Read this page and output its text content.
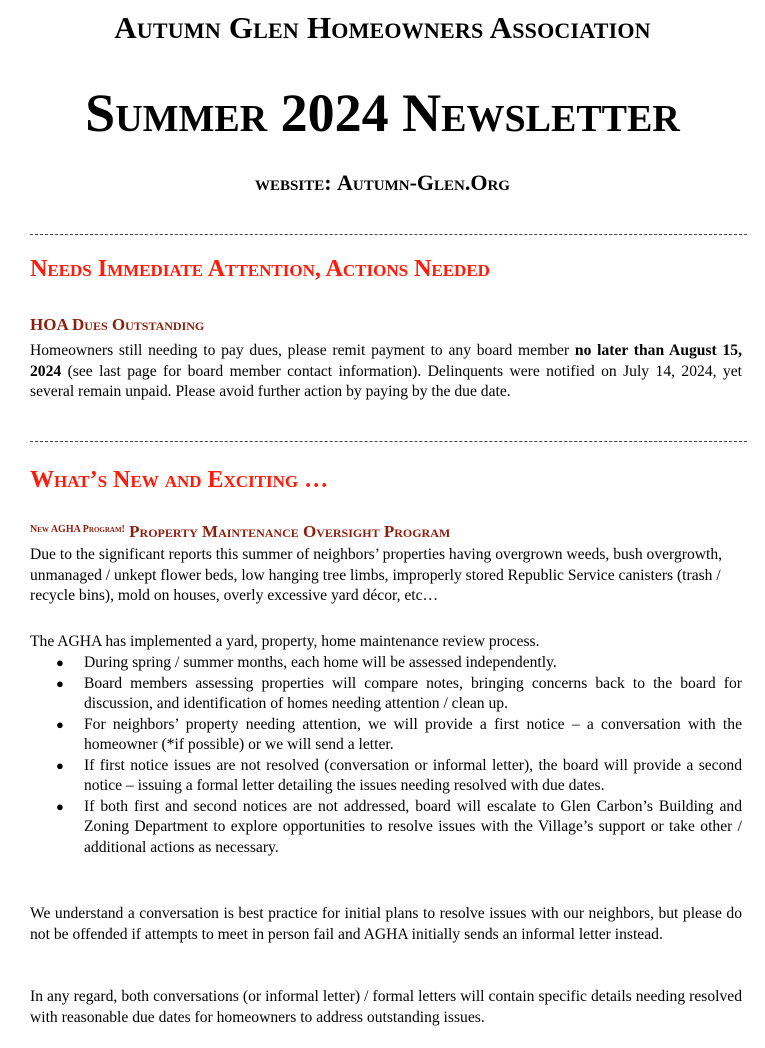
Autumn Glen Homeowners Association
Summer 2024 Newsletter

website: Autumn-Glen.Org

Needs Immediate Attention, Actions Needed
HOA Dues Outstanding

Homeowners still needing to pay dues, please remit payment to any board member no later than August 15, 2024 (see last page for board member contact information). Delinquents were notified on July 14, 2024, yet several remain unpaid. Please avoid further action by paying by the due date.

What’s New and Exciting …
$^{New AGHA Program!}$ Property Maintenance Oversight Program

Due to the significant reports this summer of neighbors’ properties having overgrown weeds, bush overgrowth, unmanaged / unkept flower beds, low hanging tree limbs, improperly stored Republic Service canisters (trash / recycle bins), mold on houses, overly excessive yard décor, etc…

The AGHA has implemented a yard, property, home maintenance review process.

● During spring / summer months, each home will be assessed independently.
● Board members assessing properties will compare notes, bringing concerns back to the board for discussion, and identification of homes needing attention / clean up.
● For neighbors’ property needing attention, we will provide a first notice – a conversation with the homeowner (*if possible) or we will send a letter.
● If first notice issues are not resolved (conversation or informal letter), the board will provide a second notice – issuing a formal letter detailing the issues needing resolved with due dates.
● If both first and second notices are not addressed, board will escalate to Glen Carbon’s Building and Zoning Department to explore opportunities to resolve issues with the Village’s support or take other / additional actions as necessary.

We understand a conversation is best practice for initial plans to resolve issues with our neighbors, but please do not be offended if attempts to meet in person fail and AGHA initially sends an informal letter instead.

In any regard, both conversations (or informal letter) / formal letters will contain specific details needing resolved with reasonable due dates for homeowners to address outstanding issues.
